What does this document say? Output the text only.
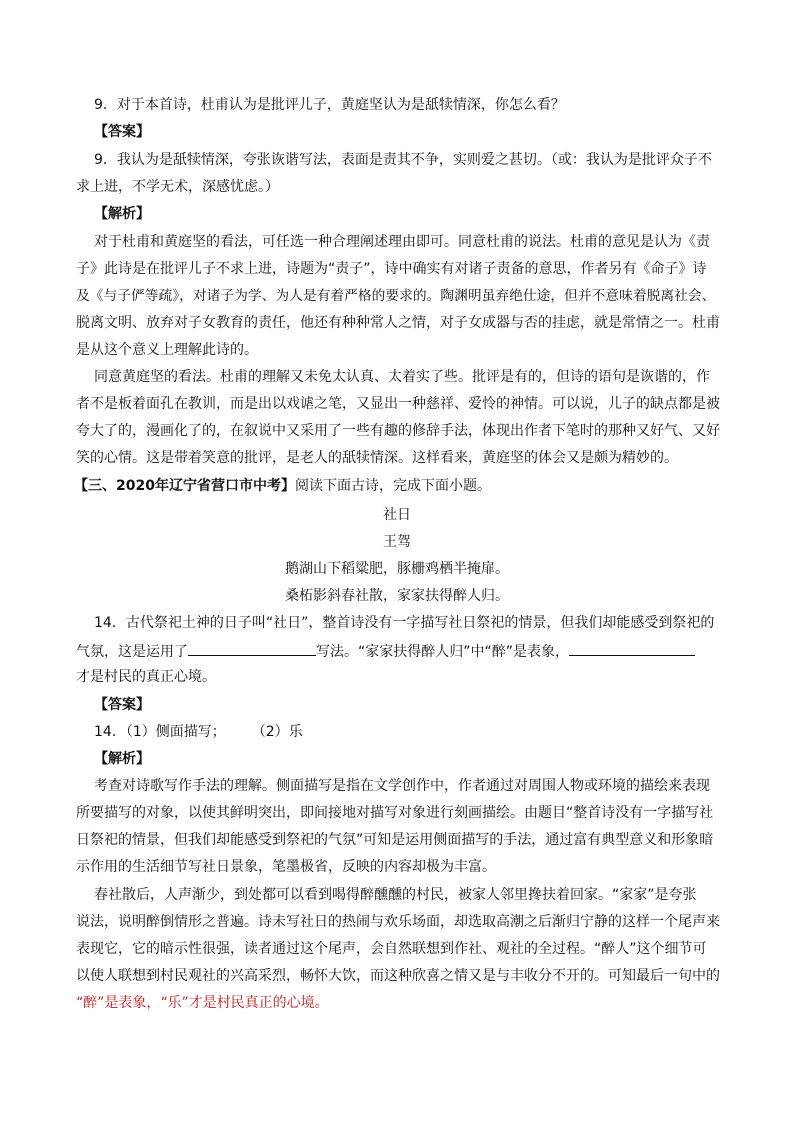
9．对于本首诗，杜甫认为是批评儿子，黄庭坚认为是舐犊情深，你怎么看？
【答案】
9．我认为是舐犊情深，夸张诙谐写法，表面是责其不争，实则爱之甚切。（或：我认为是批评众子不
求上进，不学无术，深感忧虑。）
【解析】
对于杜甫和黄庭坚的看法，可任选一种合理阐述理由即可。同意杜甫的说法。杜甫的意见是认为《责
子》此诗是在批评儿子不求上进，诗题为“责子”，诗中确实有对诸子责备的意思，作者另有《命子》诗
及《与子俨等疏》，对诸子为学、为人是有着严格的要求的。陶渊明虽弃绝仕途，但并不意味着脱离社会、
脱离文明、放弃对子女教育的责任，他还有种种常人之情，对子女成器与否的挂虑，就是常情之一。杜甫
是从这个意义上理解此诗的。
同意黄庭坚的看法。杜甫的理解又未免太认真、太着实了些。批评是有的，但诗的语句是诙谐的，作
者不是板着面孔在教训，而是出以戏谑之笔，又显出一种慈祥、爱怜的神情。可以说，儿子的缺点都是被
夸大了的，漫画化了的，在叙说中又采用了一些有趣的修辞手法，体现出作者下笔时的那种又好气、又好
笑的心情。这是带着笑意的批评，是老人的舐犊情深。这样看来，黄庭坚的体会又是颇为精妙的。
【三、2020年辽宁省营口市中考】阅读下面古诗，完成下面小题。
社日
王驾
鹅湖山下稻粱肥，豚栅鸡栖半掩扉。
桑柘影斜春社散，家家扶得醉人归。
14．古代祭祀土神的日子叫“社日”，整首诗没有一字描写社日祭祀的情景，但我们却能感受到祭祀的
气氛，这是运用了	写法。“家家扶得醉人归”中“醉”是表象，
才是村民的真正心境。
【答案】
14．（1）侧面描写； （2）乐
【解析】
考查对诗歌写作手法的理解。侧面描写是指在文学创作中，作者通过对周围人物或环境的描绘来表现
所要描写的对象，以使其鲜明突出，即间接地对描写对象进行刻画描绘。由题目“整首诗没有一字描写社
日祭祀的情景，但我们却能感受到祭祀的气氛”可知是运用侧面描写的手法，通过富有典型意义和形象暗
示作用的生活细节写社日景象，笔墨极省，反映的内容却极为丰富。
春社散后，人声渐少，到处都可以看到喝得醉醺醺的村民，被家人邻里搀扶着回家。“家家”是夸张
说法，说明醉倒情形之普遍。诗未写社日的热闹与欢乐场面，却选取高潮之后渐归宁静的这样一个尾声来
表现它，它的暗示性很强，读者通过这个尾声，会自然联想到作社、观社的全过程。“醉人”这个细节可
以使人联想到村民观社的兴高采烈，畅怀大饮，而这种欣喜之情又是与丰收分不开的。可知最后一句中的
“醉”是表象，“乐”才是村民真正的心境。
